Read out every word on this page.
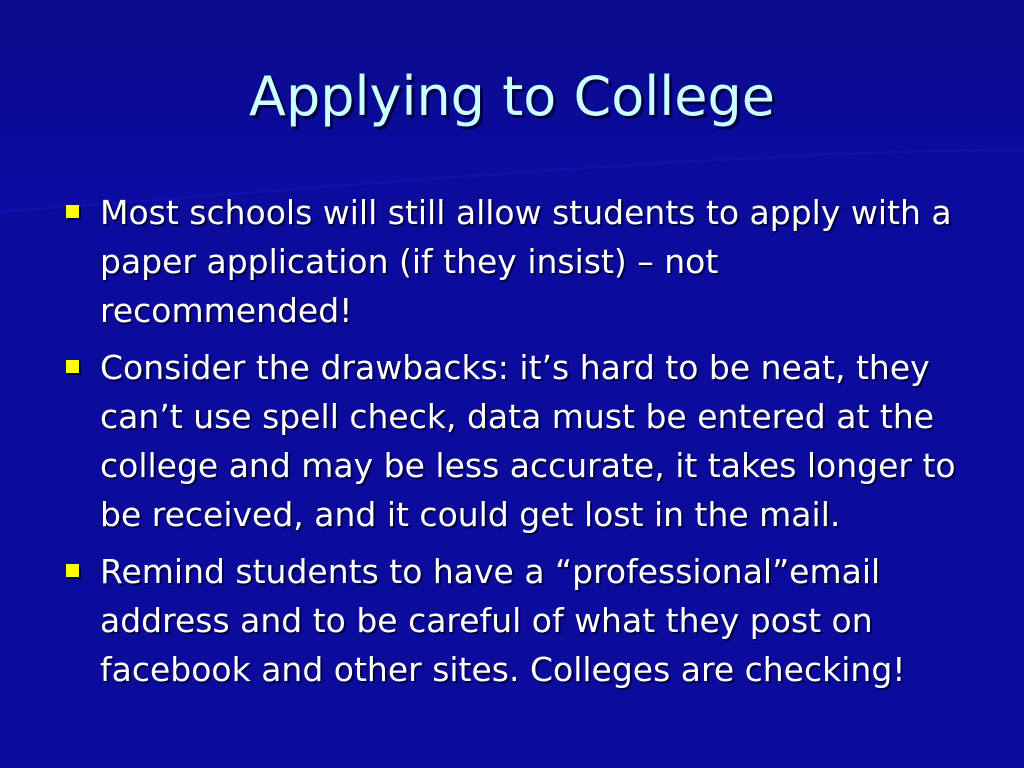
Applying to College
Most schools will still allow students to apply with a paper application (if they insist) – not recommended!
Consider the drawbacks: it’s hard to be neat, they can’t use spell check, data must be entered at the college and may be less accurate, it takes longer to be received, and it could get lost in the mail.
Remind students to have a “professional”email address and to be careful of what they post on facebook and other sites. Colleges are checking!
